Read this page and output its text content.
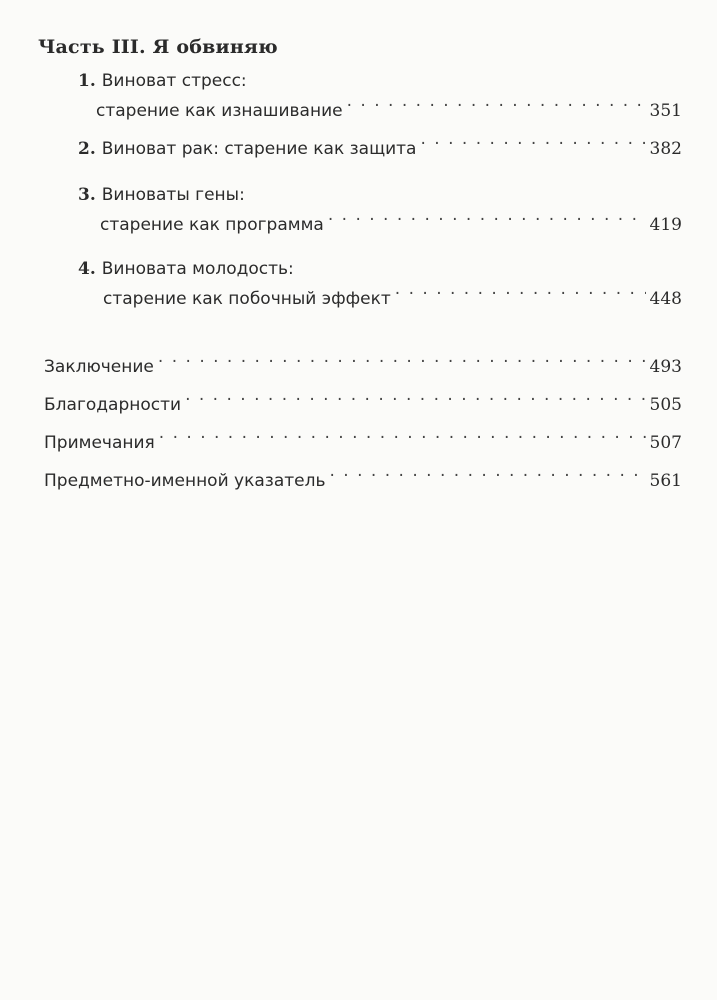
Часть III. Я обвиняю
1. Виноват стресс:
старение как изнашивание . . .	351
2. Виноват рак: старение как защита . . .	382
3. Виноваты гены:
старение как программа . . .	419
4. Виновата молодость:
старение как побочный эффект . . .	448
Заключение . . .	493
Благодарности . . .	505
Примечания . . .	507
Предметно-именной указатель . . .	561
